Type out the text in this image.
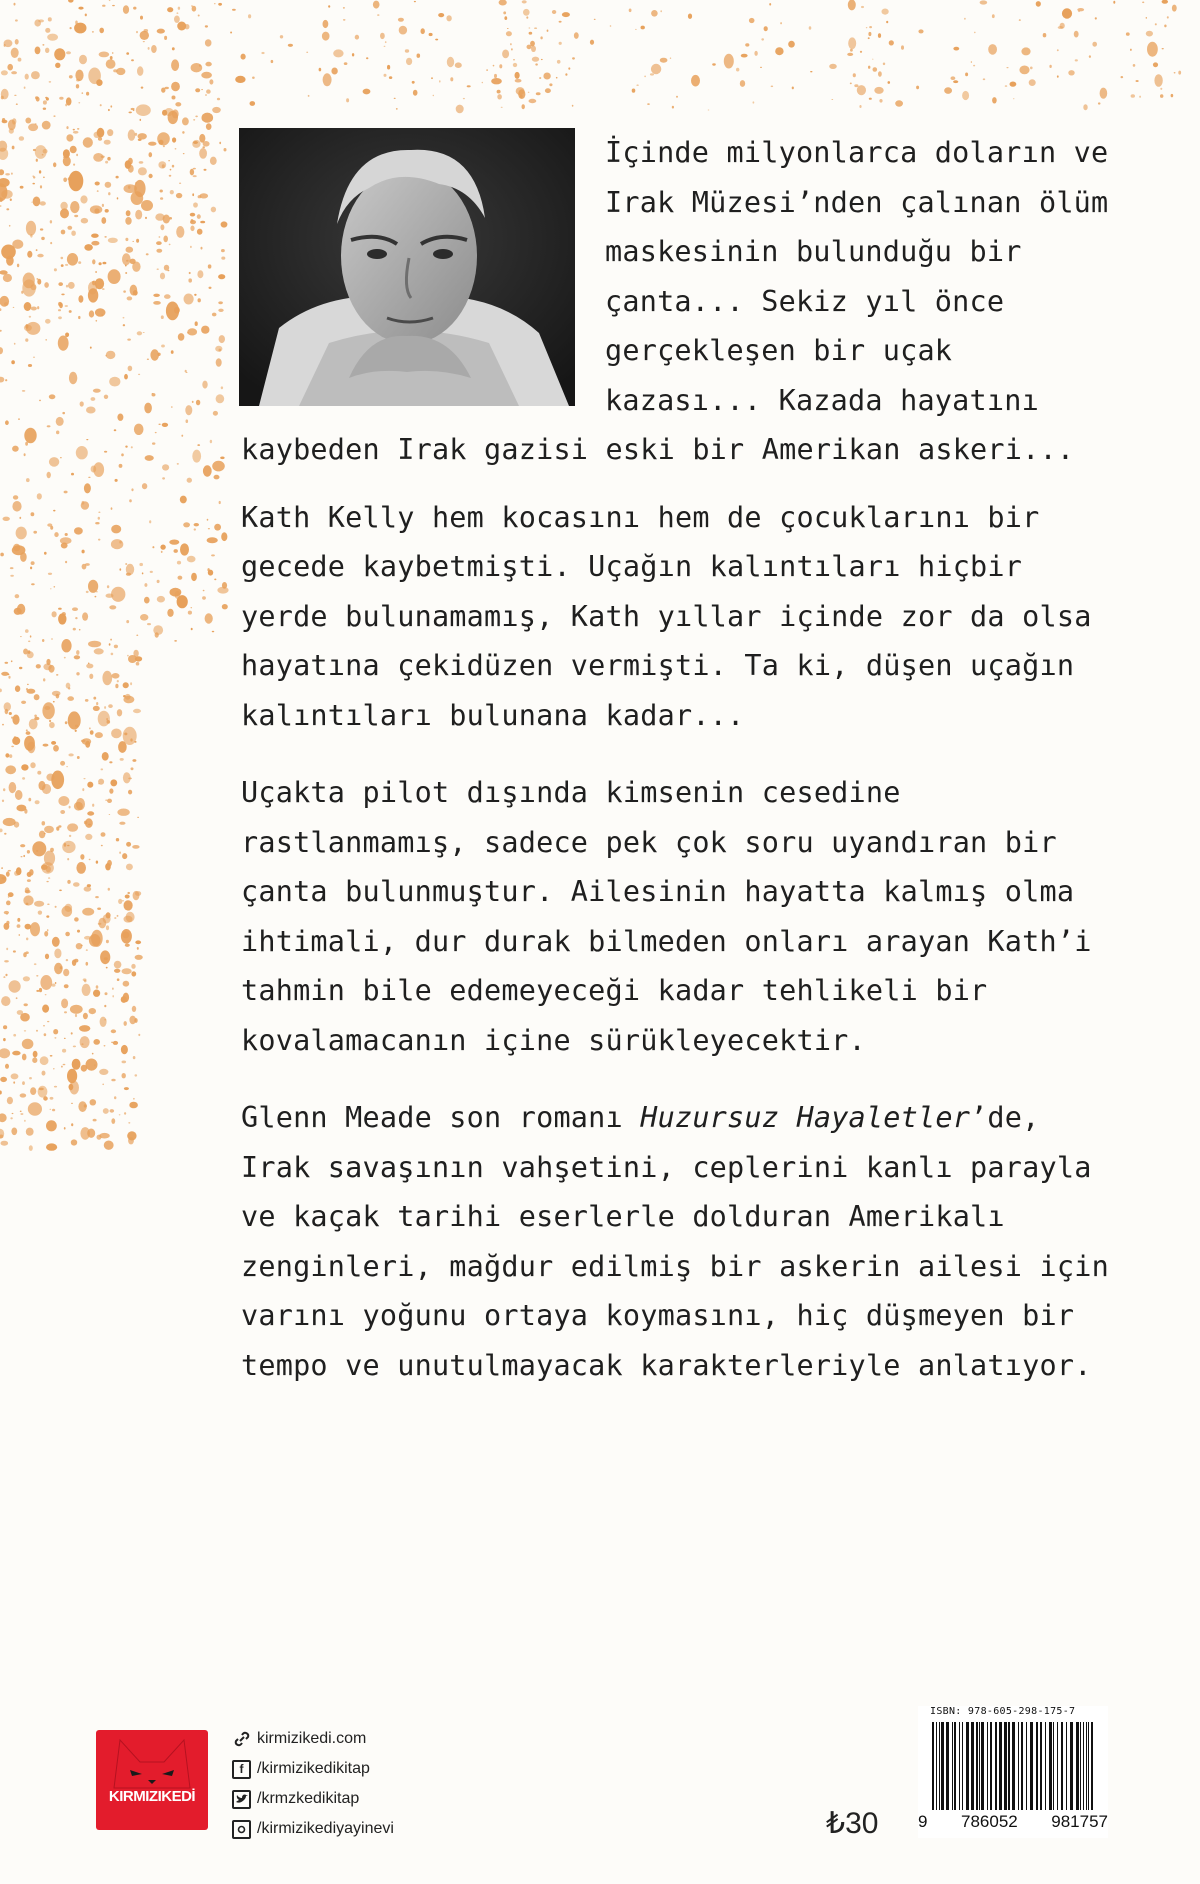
İçinde milyonlarca doların ve Irak Müzesi’nden çalınan ölüm maskesinin bulunduğu bir çanta... Sekiz yıl önce gerçekleşen bir uçak kazası... Kazada hayatını kaybeden Irak gazisi eski bir Amerikan askeri...

Kath Kelly hem kocasını hem de çocuklarını bir gecede kaybetmişti. Uçağın kalıntıları hiçbir yerde bulunamamış, Kath yıllar içinde zor da olsa hayatına çekidüzen vermişti. Ta ki, düşen uçağın kalıntıları bulunana kadar...

Uçakta pilot dışında kimsenin cesedine rastlanmamış, sadece pek çok soru uyandıran bir çanta bulunmuştur. Ailesinin hayatta kalmış olma ihtimali, dur durak bilmeden onları arayan Kath’i tahmin bile edemeyeceği kadar tehlikeli bir kovalamacanın içine sürükleyecektir.

Glenn Meade son romanı Huzursuz Hayaletler’de, Irak savaşının vahşetini, ceplerini kanlı parayla ve kaçak tarihi eserlerle dolduran Amerikalı zenginleri, mağdur edilmiş bir askerin ailesi için varını yoğunu ortaya koymasını, hiç düşmeyen bir tempo ve unutulmayacak karakterleriyle anlatıyor.

KIRMIZIKEDİ
kirmizikedi.com
f /kirmizikedikitap
/krmzkedikitap
/kirmizikediyayinevi	₺30
ISBN: 978-605-298-175-7
9 786052 981757
